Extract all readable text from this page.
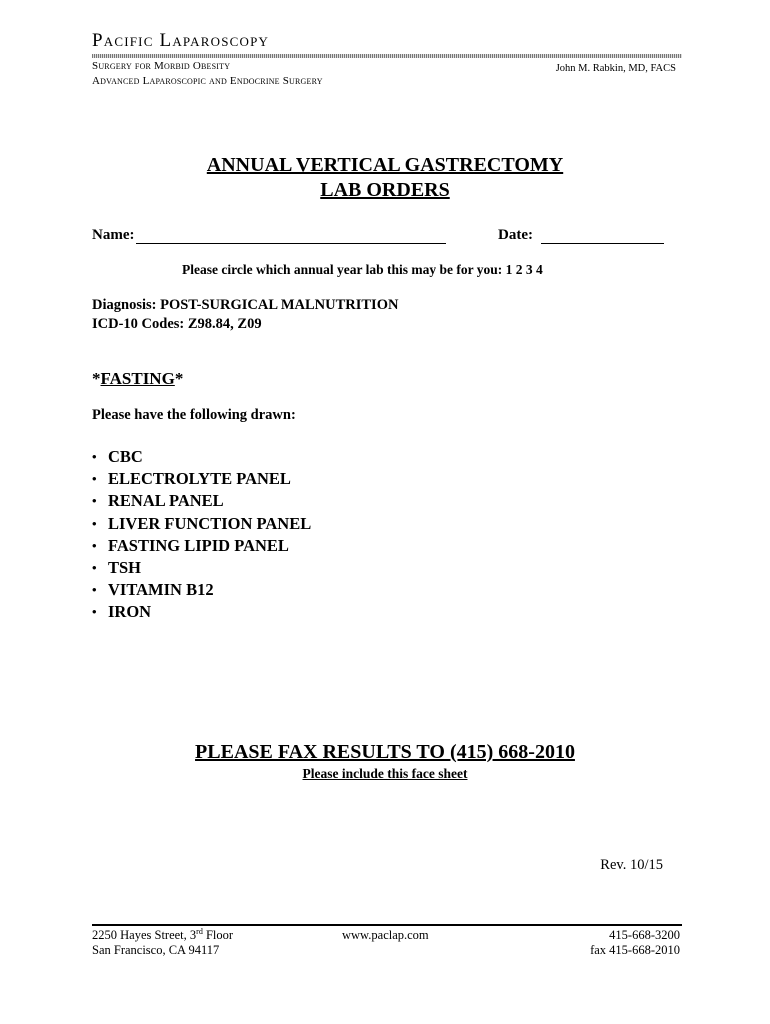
Pacific Laparoscopy
Surgery for Morbid Obesity
Advanced Laparoscopic and Endocrine Surgery
John M. Rabkin, MD, FACS
ANNUAL VERTICAL GASTRECTOMY
LAB ORDERS
Name:	Date:
Please circle which annual year lab this may be for you: 1 2 3 4
Diagnosis: POST-SURGICAL MALNUTRITION
ICD-10 Codes: Z98.84, Z09
*FASTING*
Please have the following drawn:
• CBC
• ELECTROLYTE PANEL
• RENAL PANEL
• LIVER FUNCTION PANEL
• FASTING LIPID PANEL
• TSH
• VITAMIN B12
• IRON
PLEASE FAX RESULTS TO (415) 668-2010
Please include this face sheet
Rev. 10/15
2250 Hayes Street, 3rd Floor
San Francisco, CA 94117
www.paclap.com	415-668-3200
fax 415-668-2010
